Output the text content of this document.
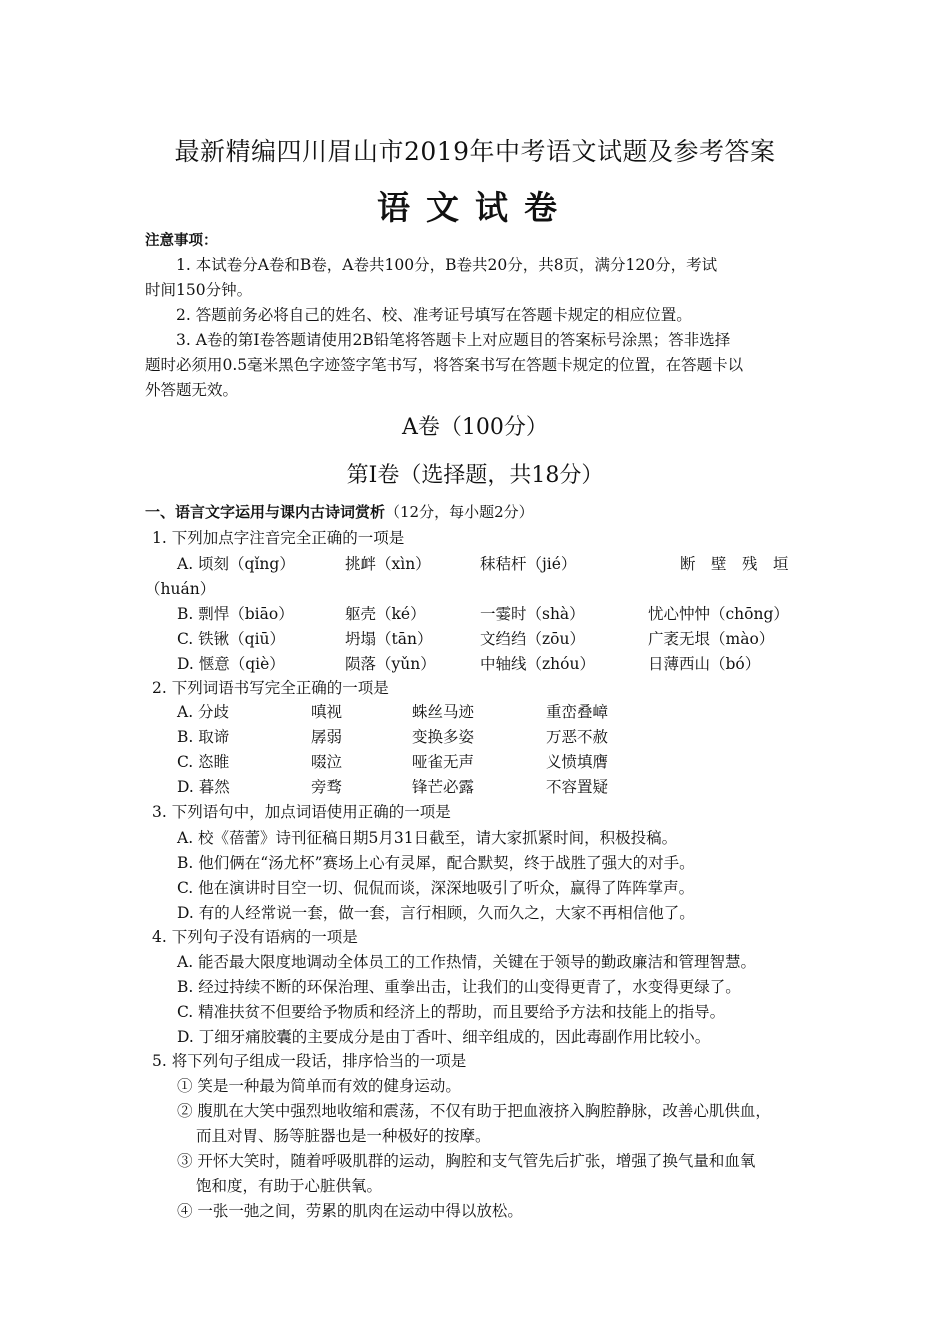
最新精编四川眉山市2019年中考语文试题及参考答案
语文试卷
注意事项：
1. 本试卷分A卷和B卷，A卷共100分，B卷共20分，共8页，满分120分，考试
时间150分钟。
2. 答题前务必将自己的姓名、校、准考证号填写在答题卡规定的相应位置。
3. A卷的第Ⅰ卷答题请使用2B铅笔将答题卡上对应题目的答案标号涂黑；答非选择
题时必须用0.5毫米黑色字迹签字笔书写，将答案书写在答题卡规定的位置，在答题卡以
外答题无效。
A卷（100分）
第I卷（选择题，共18分）
一、语言文字运用与课内古诗词赏析（12分，每小题2分）
1. 下列加点字注音完全正确的一项是
A. 顷刻（qǐng）	挑衅（xìn）	秣秸杆（jié）	断　壁　残　垣
（huán）
B. 剽悍（biāo）	躯壳（ké）	一霎时（shà）	忧心忡忡（chōng）
C. 铁锹（qiū）	坍塌（tān）	文绉绉（zōu）	广袤无垠（mào）
D. 惬意（qiè）	陨落（yǔn）	中轴线（zhóu）	日薄西山（bó）
2. 下列词语书写完全正确的一项是
A. 分歧	嗔视	蛛丝马迹	重峦叠嶂
B. 取谛	孱弱	变换多姿	万恶不赦
C. 恣睢	啜泣	哑雀无声	义愤填膺
D. 暮然	旁骛	锋芒必露	不容置疑
3. 下列语句中，加点词语使用正确的一项是
A. 校《蓓蕾》诗刊征稿日期5月31日截至，请大家抓紧时间，积极投稿。
B. 他们俩在“汤尤杯”赛场上心有灵犀，配合默契，终于战胜了强大的对手。
C. 他在演讲时目空一切、侃侃而谈，深深地吸引了听众，赢得了阵阵掌声。
D. 有的人经常说一套，做一套，言行相顾，久而久之，大家不再相信他了。
4. 下列句子没有语病的一项是
A. 能否最大限度地调动全体员工的工作热情，关键在于领导的勤政廉洁和管理智慧。
B. 经过持续不断的环保治理、重拳出击，让我们的山变得更青了，水变得更绿了。
C. 精准扶贫不但要给予物质和经济上的帮助，而且要给予方法和技能上的指导。
D. 丁细牙痛胶囊的主要成分是由丁香叶、细辛组成的，因此毒副作用比较小。
5. 将下列句子组成一段话，排序恰当的一项是
① 笑是一种最为简单而有效的健身运动。
② 腹肌在大笑中强烈地收缩和震荡，不仅有助于把血液挤入胸腔静脉，改善心肌供血，
而且对胃、肠等脏器也是一种极好的按摩。
③ 开怀大笑时，随着呼吸肌群的运动，胸腔和支气管先后扩张，增强了换气量和血氧
饱和度，有助于心脏供氧。
④ 一张一弛之间，劳累的肌肉在运动中得以放松。
